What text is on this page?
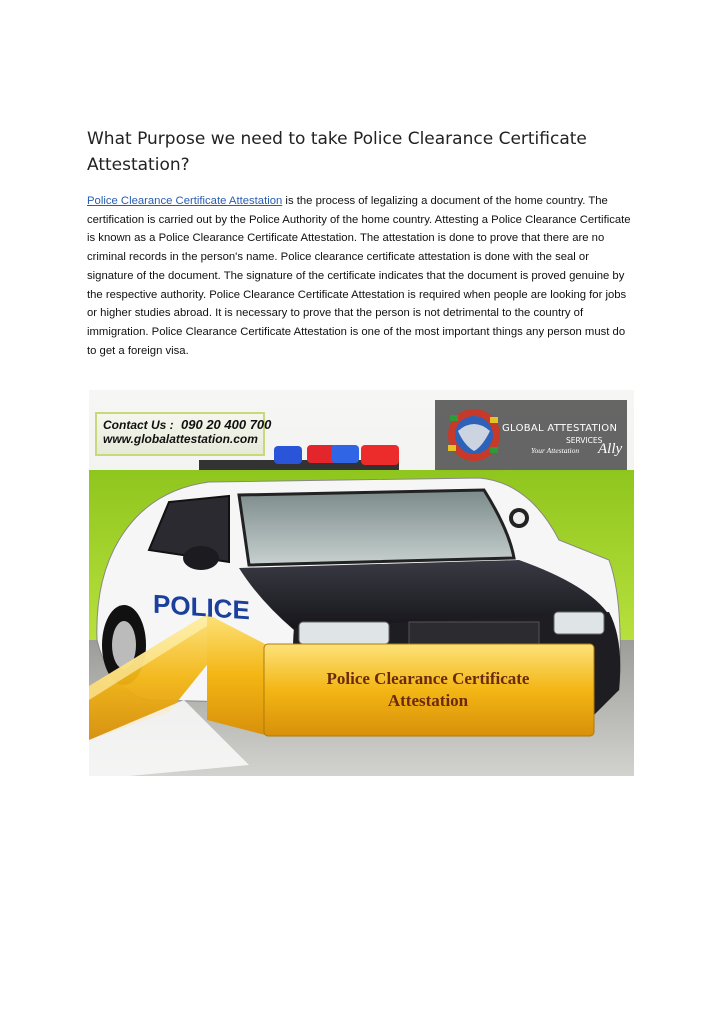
What Purpose we need to take Police Clearance Certificate Attestation?

Police Clearance Certificate Attestation is the process of legalizing a document of the home country. The certification is carried out by the Police Authority of the home country. Attesting a Police Clearance Certificate is known as a Police Clearance Certificate Attestation. The attestation is done to prove that there are no criminal records in the person's name. Police clearance certificate attestation is done with the seal or signature of the document. The signature of the certificate indicates that the document is proved genuine by the respective authority. Police Clearance Certificate Attestation is required when people are looking for jobs or higher studies abroad. It is necessary to prove that the person is not detrimental to the country of immigration. Police Clearance Certificate Attestation is one of the most important things any person must do to get a foreign visa.

POLICE
Contact Us : 090 20 400 700
www.globalattestation.com
GLOBAL ATTESTATION
SERVICES
Your Attestation Ally
Police Clearance Certificate
Attestation
